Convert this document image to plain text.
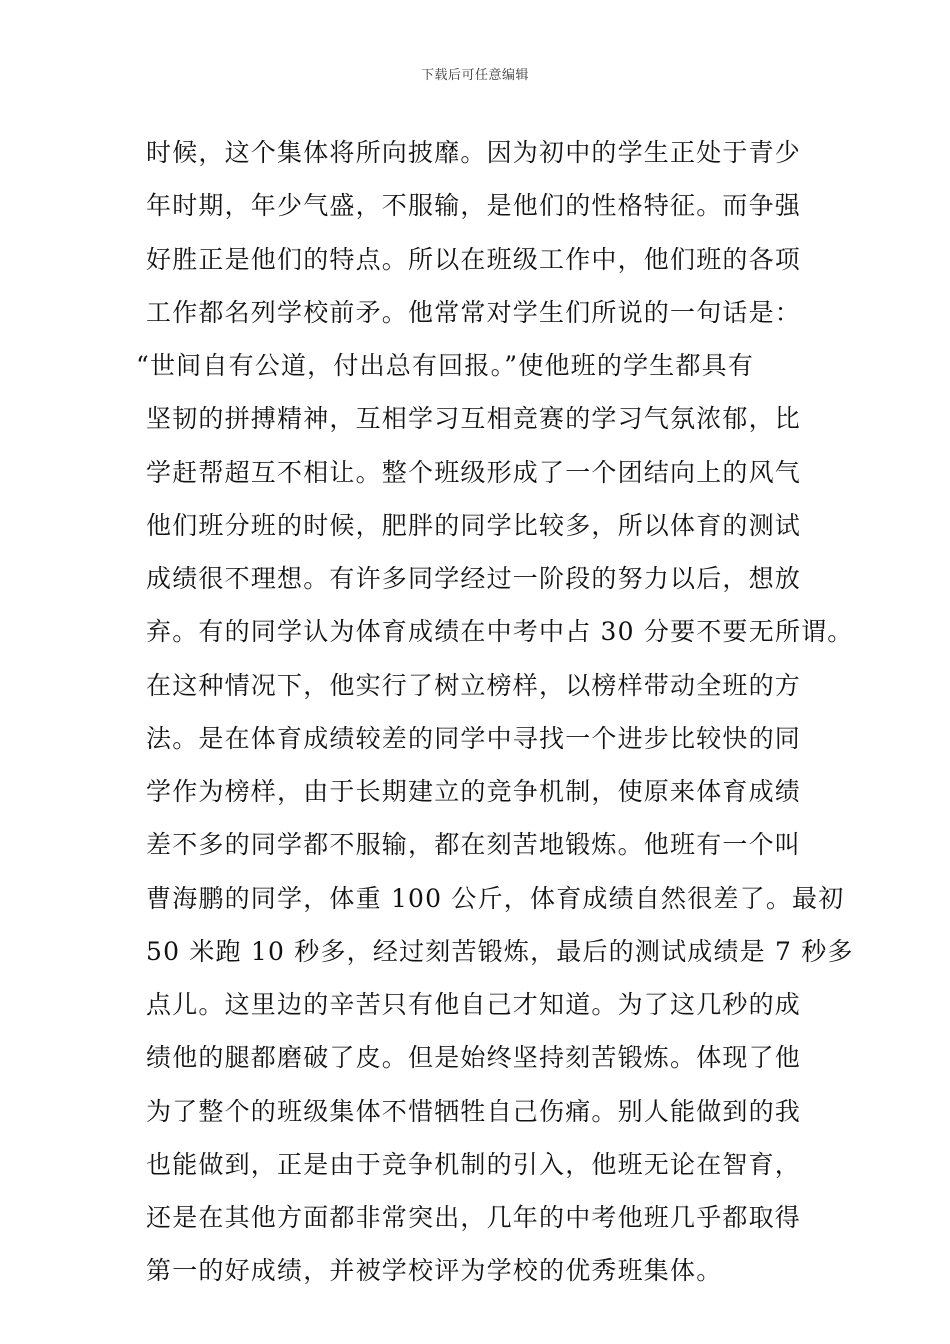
下载后可任意编辑
时候，这个集体将所向披靡。因为初中的学生正处于青少
年时期，年少气盛，不服输，是他们的性格特征。而争强
好胜正是他们的特点。所以在班级工作中，他们班的各项
工作都名列学校前矛。他常常对学生们所说的一句话是：
“世间自有公道，付出总有回报。”使他班的学生都具有
坚韧的拼搏精神，互相学习互相竞赛的学习气氛浓郁，比
学赶帮超互不相让。整个班级形成了一个团结向上的风气
他们班分班的时候，肥胖的同学比较多，所以体育的测试
成绩很不理想。有许多同学经过一阶段的努力以后，想放
弃。有的同学认为体育成绩在中考中占 30 分要不要无所谓。
在这种情况下，他实行了树立榜样，以榜样带动全班的方
法。是在体育成绩较差的同学中寻找一个进步比较快的同
学作为榜样，由于长期建立的竞争机制，使原来体育成绩
差不多的同学都不服输，都在刻苦地锻炼。他班有一个叫
曹海鹏的同学，体重 100 公斤，体育成绩自然很差了。最初
50 米跑 10 秒多，经过刻苦锻炼，最后的测试成绩是 7 秒多
点儿。这里边的辛苦只有他自己才知道。为了这几秒的成
绩他的腿都磨破了皮。但是始终坚持刻苦锻炼。体现了他
为了整个的班级集体不惜牺牲自己伤痛。别人能做到的我
也能做到，正是由于竞争机制的引入，他班无论在智育，
还是在其他方面都非常突出，几年的中考他班几乎都取得
第一的好成绩，并被学校评为学校的优秀班集体。
